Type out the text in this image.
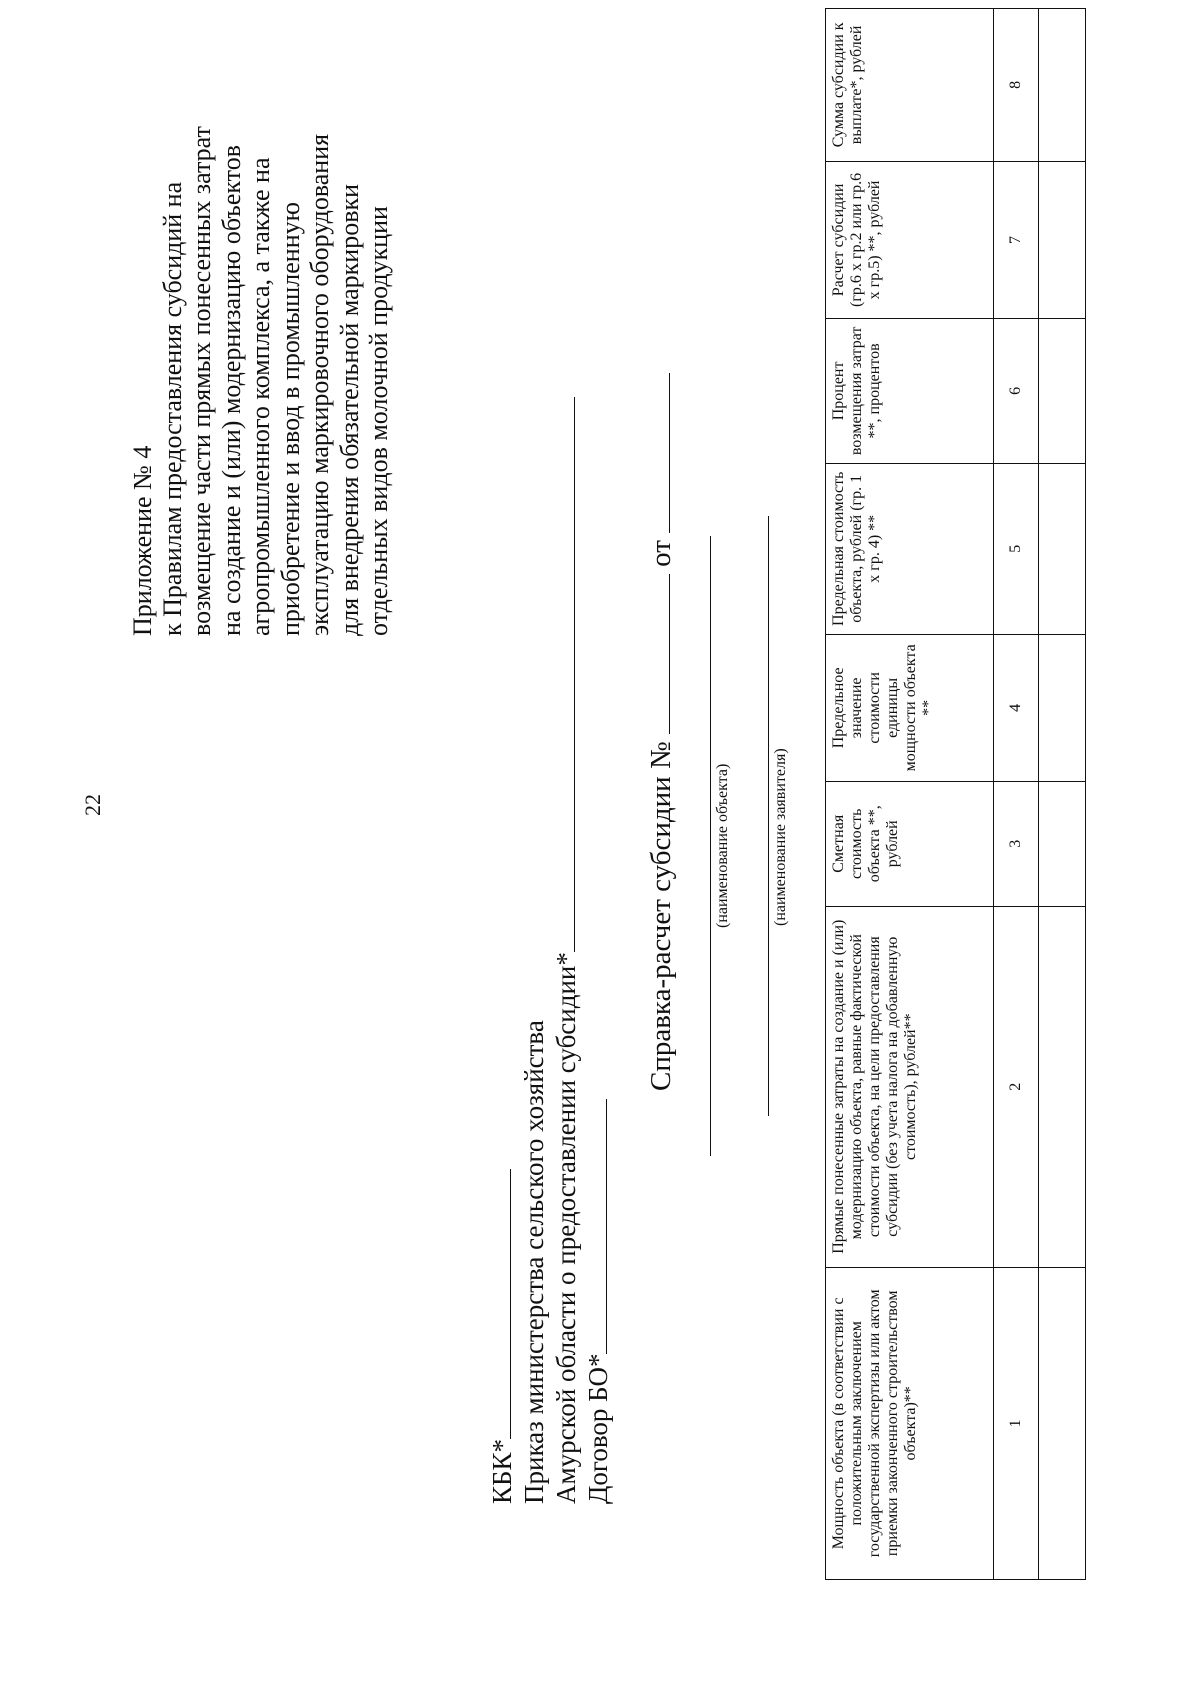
22
Приложение № 4 к Правилам предоставления субсидий на возмещение части прямых понесенных затрат на создание и (или) модернизацию объектов агропромышленного комплекса, а также на приобретение и ввод в промышленную эксплуатацию маркировочного оборудования для внедрения обязательной маркировки отдельных видов молочной продукции
КБК* Приказ министерства сельского хозяйства Амурской области о предоставлении субсидии* Договор БО*
Справка-расчет субсидии №  от
(наименование объекта)	(наименование заявителя)
Мощность объекта (в соответствии с положительным заключением государственной экспертизы или актом приемки законченного строительством объекта)**	Прямые понесенные затраты на создание и (или) модернизацию объекта, равные фактической стоимости объекта, на цели предоставления субсидии (без учета налога на добавленную стоимость), рублей**	Сметная стоимость объекта **, рублей	Предельное значение стоимости единицы мощности объекта **	Предельная стоимость объекта, рублей (гр. 1 х гр. 4) **	Процент возмещения затрат **, процентов	Расчет субсидии (гр.6 х гр.2 или гр.6 х гр.5) **, рублей	Сумма субсидии к выплате*, рублей
1	2	3	4	5	6	7	8
